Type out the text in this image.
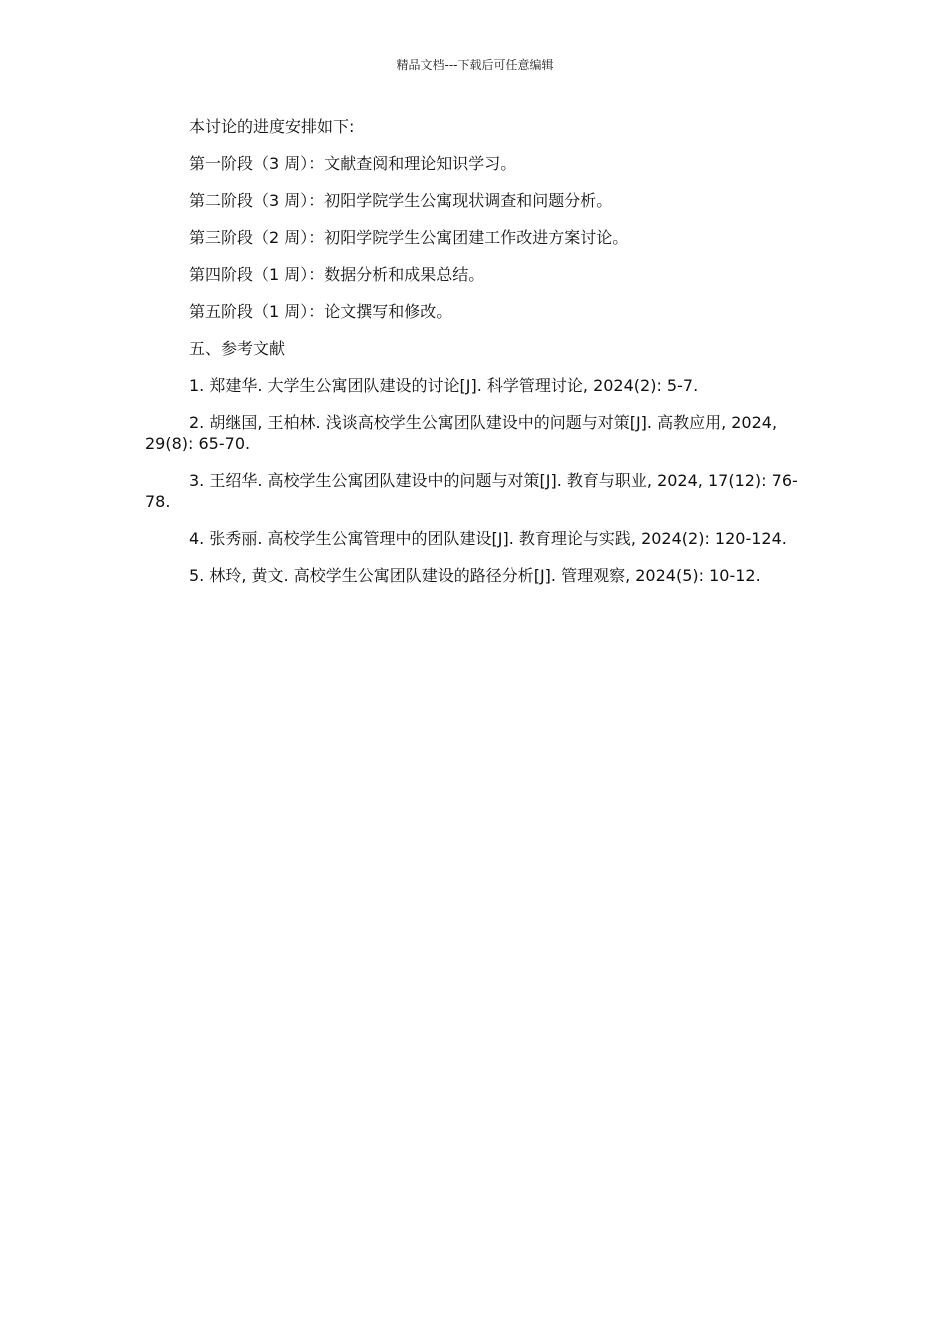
精品文档---下载后可任意编辑

本讨论的进度安排如下:

第一阶段（3 周）：文献查阅和理论知识学习。

第二阶段（3 周）：初阳学院学生公寓现状调查和问题分析。

第三阶段（2 周）：初阳学院学生公寓团建工作改进方案讨论。

第四阶段（1 周）：数据分析和成果总结。

第五阶段（1 周）：论文撰写和修改。

五、参考文献

1. 郑建华. 大学生公寓团队建设的讨论[J]. 科学管理讨论, 2024(2): 5-7.

2. 胡继国, 王柏林. 浅谈高校学生公寓团队建设中的问题与对策[J]. 高教应用, 2024, 29(8): 65-70.

3. 王绍华. 高校学生公寓团队建设中的问题与对策[J]. 教育与职业, 2024, 17(12): 76-78.

4. 张秀丽. 高校学生公寓管理中的团队建设[J]. 教育理论与实践, 2024(2): 120-124.

5. 林玲, 黄文. 高校学生公寓团队建设的路径分析[J]. 管理观察, 2024(5): 10-12.
